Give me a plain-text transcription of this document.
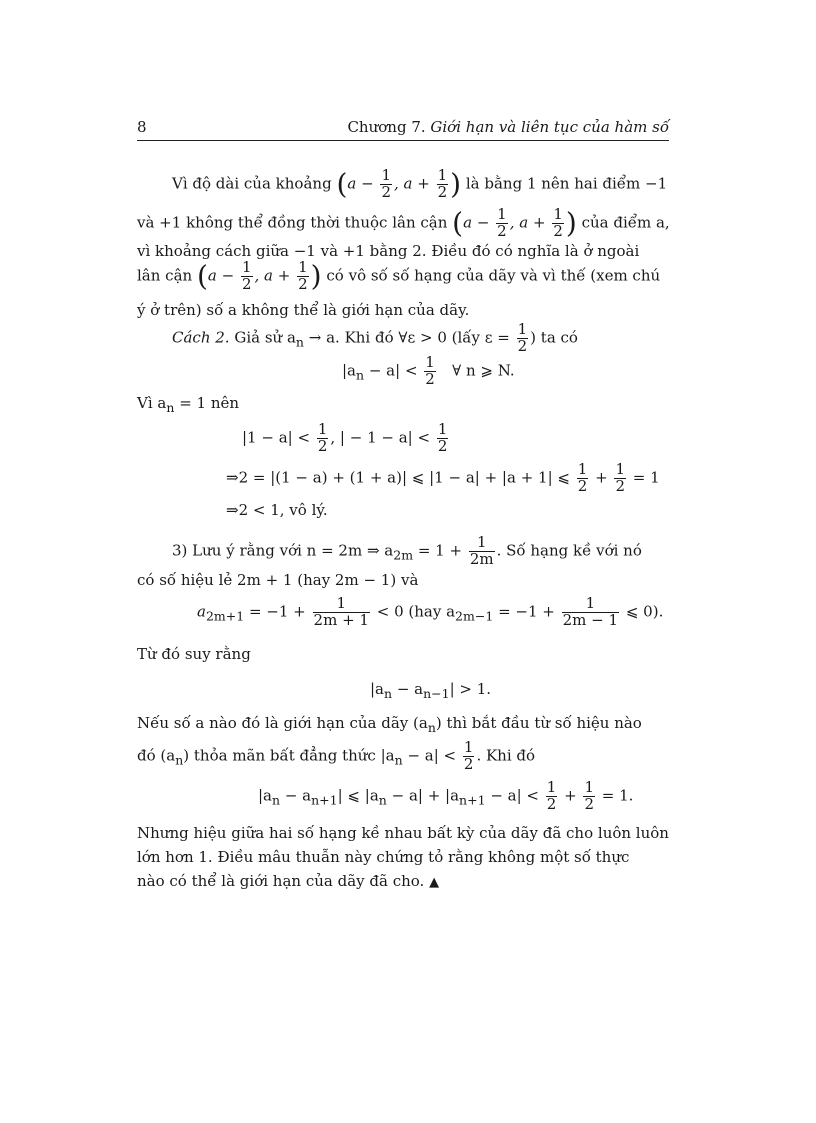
8	Chương 7. Giới hạn và liên tục của hàm số
Vì độ dài của khoảng ($a - \frac{1}{2}$ , $a + \frac{1}{2}$ ) là bằng 1 nên hai điểm −1
và +1 không thể đồng thời thuộc lân cận ($a - \frac{1}{2}$ , $a + \frac{1}{2}$ ) của điểm a,
vì khoảng cách giữa −1 và +1 bằng 2. Điều đó có nghĩa là ở ngoài
lân cận ($a - \frac{1}{2}$ , $a + \frac{1}{2}$ ) có vô số số hạng của dãy và vì thế (xem chú
ý ở trên) số a không thể là giới hạn của dãy.
Cách 2. Giả sử $a_n \to a$. Khi đó ∀ε > 0 (lấy $\varepsilon = \frac{1}{2}$ ) ta có
$|a_n - a| < \frac{1}{2}$ ∀ n ⩾ N.
Vì $a_n = 1$ nên
$|1 - a| < \frac{1}{2}$ , | − $1 - a| < \frac{1}{2}$
⇒2 = |(1 − a) + (1 + a)| ⩽ |1 − a| + |a + 1| ⩽ $\frac{1}{2} + \frac{1}{2} = 1$
⇒2 < 1, vô lý.
3) Lưu ý rằng với n = 2m ⇒ $a_{2m} = 1 + \frac{1}{2m}$ . Số hạng kề với nó
có số hiệu lẻ 2m + 1 (hay 2m − 1) và
$a_{2m+1} = -1 + \frac{1}{2m + 1} < 0$ (hay $a_{2m-1} = -1 + \frac{1}{2m - 1}$ ⩽ 0).
Từ đó suy rằng
$|a_n - a_{n-1}| > 1$.
Nếu số a nào đó là giới hạn của dãy $(a_n)$ thì bắt đầu từ số hiệu nào
đó $(a_n)$ thỏa mãn bất đẳng thức $|a_n - a| < \frac{1}{2}$ . Khi đó
$|a_n - a_{n+1}|$ ⩽ $|a_n - a| + |a_{n+1} - a| < \frac{1}{2} + \frac{1}{2} = 1$.
Nhưng hiệu giữa hai số hạng kề nhau bất kỳ của dãy đã cho luôn luôn
lớn hơn 1. Điều mâu thuẫn này chứng tỏ rằng không một số thực
nào có thể là giới hạn của dãy đã cho. ▲
